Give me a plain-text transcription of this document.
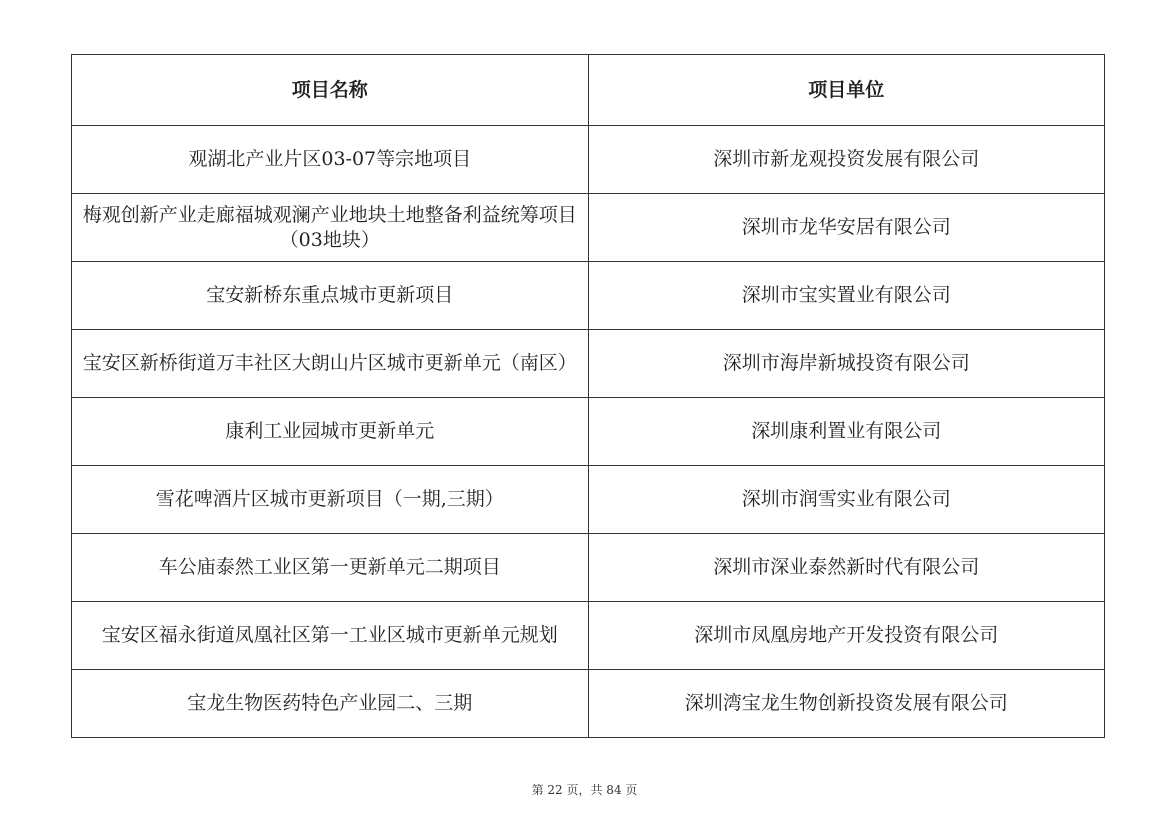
项目名称	项目单位
观湖北产业片区03-07等宗地项目	深圳市新龙观投资发展有限公司
梅观创新产业走廊福城观澜产业地块土地整备利益统筹项目（03地块）	深圳市龙华安居有限公司
宝安新桥东重点城市更新项目	深圳市宝实置业有限公司
宝安区新桥街道万丰社区大朗山片区城市更新单元（南区）	深圳市海岸新城投资有限公司
康利工业园城市更新单元	深圳康利置业有限公司
雪花啤酒片区城市更新项目（一期,三期）	深圳市润雪实业有限公司
车公庙泰然工业区第一更新单元二期项目	深圳市深业泰然新时代有限公司
宝安区福永街道凤凰社区第一工业区城市更新单元规划	深圳市凤凰房地产开发投资有限公司
宝龙生物医药特色产业园二、三期	深圳湾宝龙生物创新投资发展有限公司
第 22 页，共 84 页
